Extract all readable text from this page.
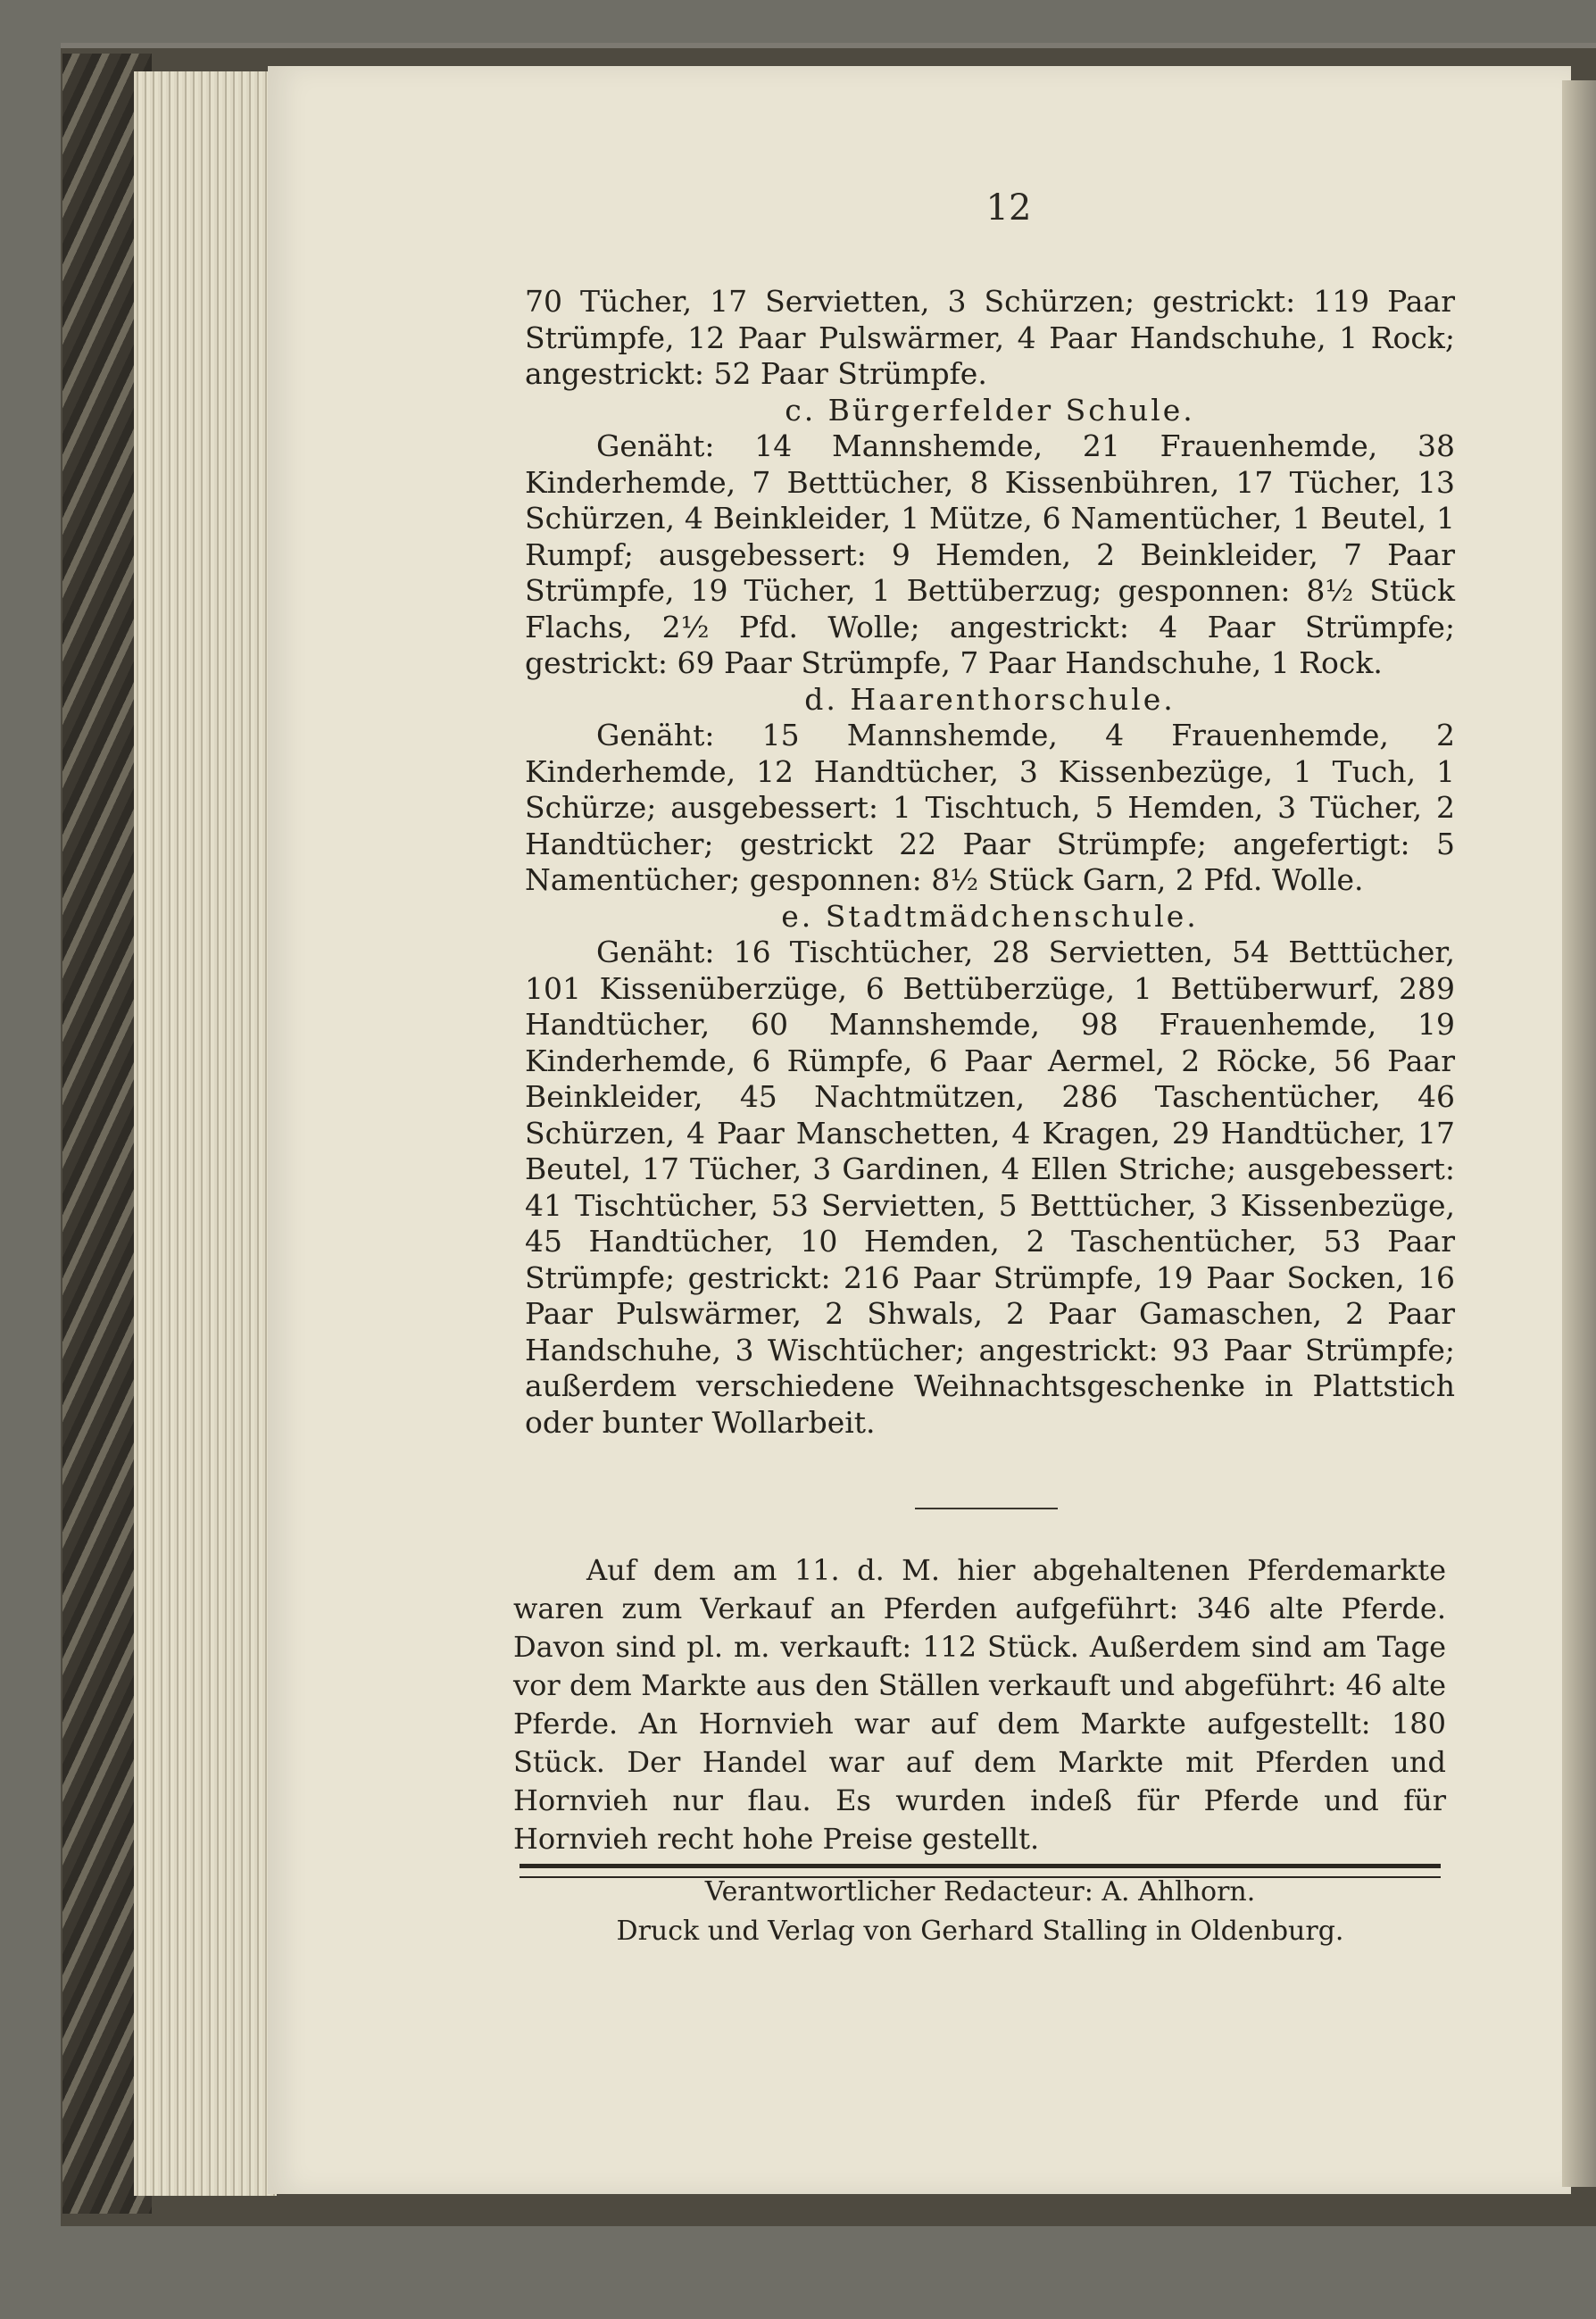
12

70 Tücher, 17 Servietten, 3 Schürzen; gestrickt: 119 Paar Strümpfe, 12 Paar Pulswärmer, 4 Paar Handschuhe, 1 Rock; angestrickt: 52 Paar Strümpfe.

c. Bürgerfelder Schule.

Genäht: 14 Mannshemde, 21 Frauenhemde, 38 Kinderhemde, 7 Betttücher, 8 Kissenbühren, 17 Tücher, 13 Schürzen, 4 Beinkleider, 1 Mütze, 6 Namentücher, 1 Beutel, 1 Rumpf; ausgebessert: 9 Hemden, 2 Beinkleider, 7 Paar Strümpfe, 19 Tücher, 1 Bettüberzug; gesponnen: 8½ Stück Flachs, 2½ Pfd. Wolle; angestrickt: 4 Paar Strümpfe; gestrickt: 69 Paar Strümpfe, 7 Paar Handschuhe, 1 Rock.

d. Haarenthorschule.

Genäht: 15 Mannshemde, 4 Frauenhemde, 2 Kinderhemde, 12 Handtücher, 3 Kissenbezüge, 1 Tuch, 1 Schürze; ausgebessert: 1 Tischtuch, 5 Hemden, 3 Tücher, 2 Handtücher; gestrickt 22 Paar Strümpfe; angefertigt: 5 Namentücher; gesponnen: 8½ Stück Garn, 2 Pfd. Wolle.

e. Stadtmädchenschule.

Genäht: 16 Tischtücher, 28 Servietten, 54 Betttücher, 101 Kissenüberzüge, 6 Bettüberzüge, 1 Bettüberwurf, 289 Handtücher, 60 Mannshemde, 98 Frauenhemde, 19 Kinderhemde, 6 Rümpfe, 6 Paar Aermel, 2 Röcke, 56 Paar Beinkleider, 45 Nachtmützen, 286 Taschentücher, 46 Schürzen, 4 Paar Manschetten, 4 Kragen, 29 Handtücher, 17 Beutel, 17 Tücher, 3 Gardinen, 4 Ellen Striche; ausgebessert: 41 Tischtücher, 53 Servietten, 5 Betttücher, 3 Kissenbezüge, 45 Handtücher, 10 Hemden, 2 Taschentücher, 53 Paar Strümpfe; gestrickt: 216 Paar Strümpfe, 19 Paar Socken, 16 Paar Pulswärmer, 2 Shwals, 2 Paar Gamaschen, 2 Paar Handschuhe, 3 Wischtücher; angestrickt: 93 Paar Strümpfe; außerdem verschiedene Weihnachtsgeschenke in Plattstich oder bunter Wollarbeit.

Auf dem am 11. d. M. hier abgehaltenen Pferdemarkte waren zum Verkauf an Pferden aufgeführt: 346 alte Pferde. Davon sind pl. m. verkauft: 112 Stück. Außerdem sind am Tage vor dem Markte aus den Ställen verkauft und abgeführt: 46 alte Pferde. An Hornvieh war auf dem Markte aufgestellt: 180 Stück. Der Handel war auf dem Markte mit Pferden und Hornvieh nur flau. Es wurden indeß für Pferde und für Hornvieh recht hohe Preise gestellt.

Verantwortlicher Redacteur: A. Ahlhorn.
Druck und Verlag von Gerhard Stalling in Oldenburg.
